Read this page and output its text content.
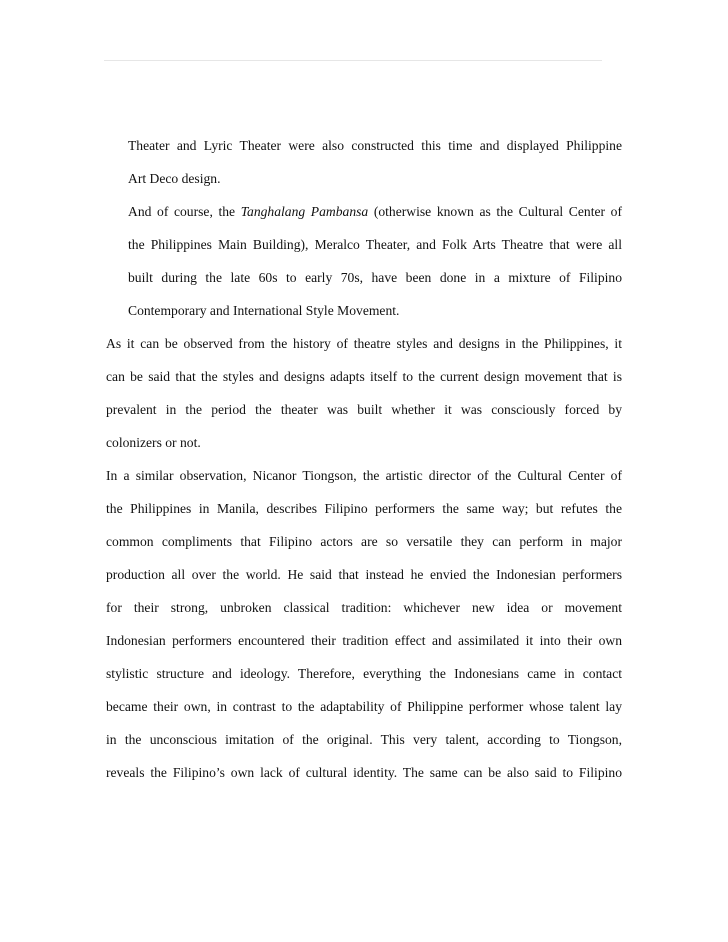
Theater and Lyric Theater were also constructed this time and displayed Philippine
Art Deco design.
And of course, the Tanghalang Pambansa (otherwise known as the Cultural Center of
the Philippines Main Building), Meralco Theater, and Folk Arts Theatre that were all
built during the late 60s to early 70s, have been done in a mixture of Filipino
Contemporary and International Style Movement.
As it can be observed from the history of theatre styles and designs in the Philippines, it
can be said that the styles and designs adapts itself to the current design movement that is
prevalent in the period the theater was built whether it was consciously forced by
colonizers or not.
In a similar observation, Nicanor Tiongson, the artistic director of the Cultural Center of
the Philippines in Manila, describes Filipino performers the same way; but refutes the
common compliments that Filipino actors are so versatile they can perform in major
production all over the world. He said that instead he envied the Indonesian performers
for their strong, unbroken classical tradition: whichever new idea or movement
Indonesian performers encountered their tradition effect and assimilated it into their own
stylistic structure and ideology. Therefore, everything the Indonesians came in contact
became their own, in contrast to the adaptability of Philippine performer whose talent lay
in the unconscious imitation of the original. This very talent, according to Tiongson,
reveals the Filipino’s own lack of cultural identity. The same can be also said to Filipino
